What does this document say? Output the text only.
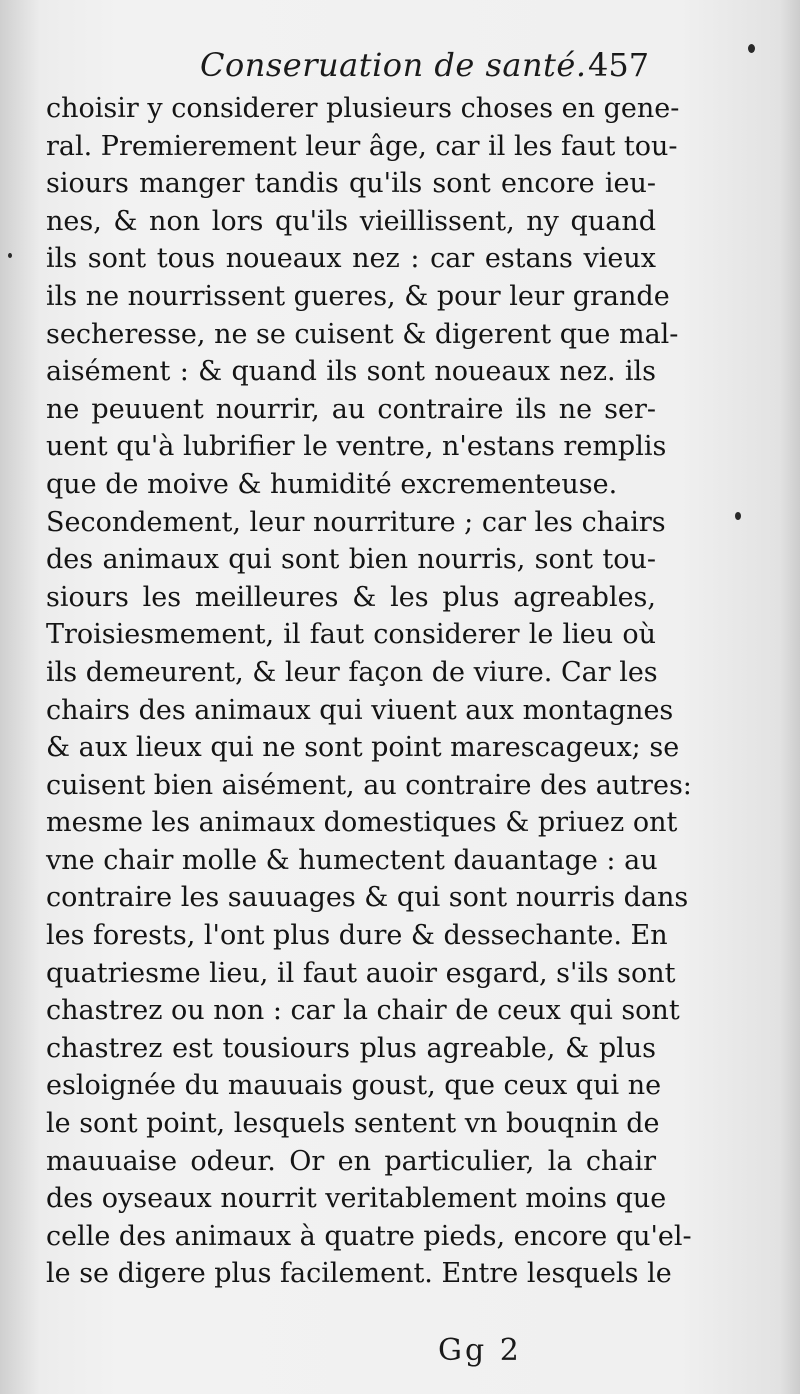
Conseruation de santé. 457
choisir y considerer plusieurs choses en gene-
ral. Premierement leur âge, car il les faut tou-
siours manger tandis qu'ils sont encore ieu-
nes, & non lors qu'ils vieillissent, ny quand
ils sont tous noueaux nez : car estans vieux
ils ne nourrissent gueres, & pour leur grande
secheresse, ne se cuisent & digerent que mal-
aisément : & quand ils sont noueaux nez. ils
ne peuuent nourrir, au contraire ils ne ser-
uent qu'à lubrifier le ventre, n'estans remplis
que de moive & humidité excrementeuse.
Secondement, leur nourriture ; car les chairs
des animaux qui sont bien nourris, sont tou-
siours les meilleures & les plus agreables,
Troisiesmement, il faut considerer le lieu où
ils demeurent, & leur façon de viure. Car les
chairs des animaux qui viuent aux montagnes
& aux lieux qui ne sont point marescageux; se
cuisent bien aisément, au contraire des autres:
mesme les animaux domestiques & priuez ont
vne chair molle & humectent dauantage : au
contraire les sauuages & qui sont nourris dans
les forests, l'ont plus dure & dessechante. En
quatriesme lieu, il faut auoir esgard, s'ils sont
chastrez ou non : car la chair de ceux qui sont
chastrez est tousiours plus agreable, & plus
esloignée du mauuais goust, que ceux qui ne
le sont point, lesquels sentent vn bouqnin de
mauuaise odeur. Or en particulier, la chair
des oyseaux nourrit veritablement moins que
celle des animaux à quatre pieds, encore qu'el-
le se digere plus facilement. Entre lesquels le
Gg 2
